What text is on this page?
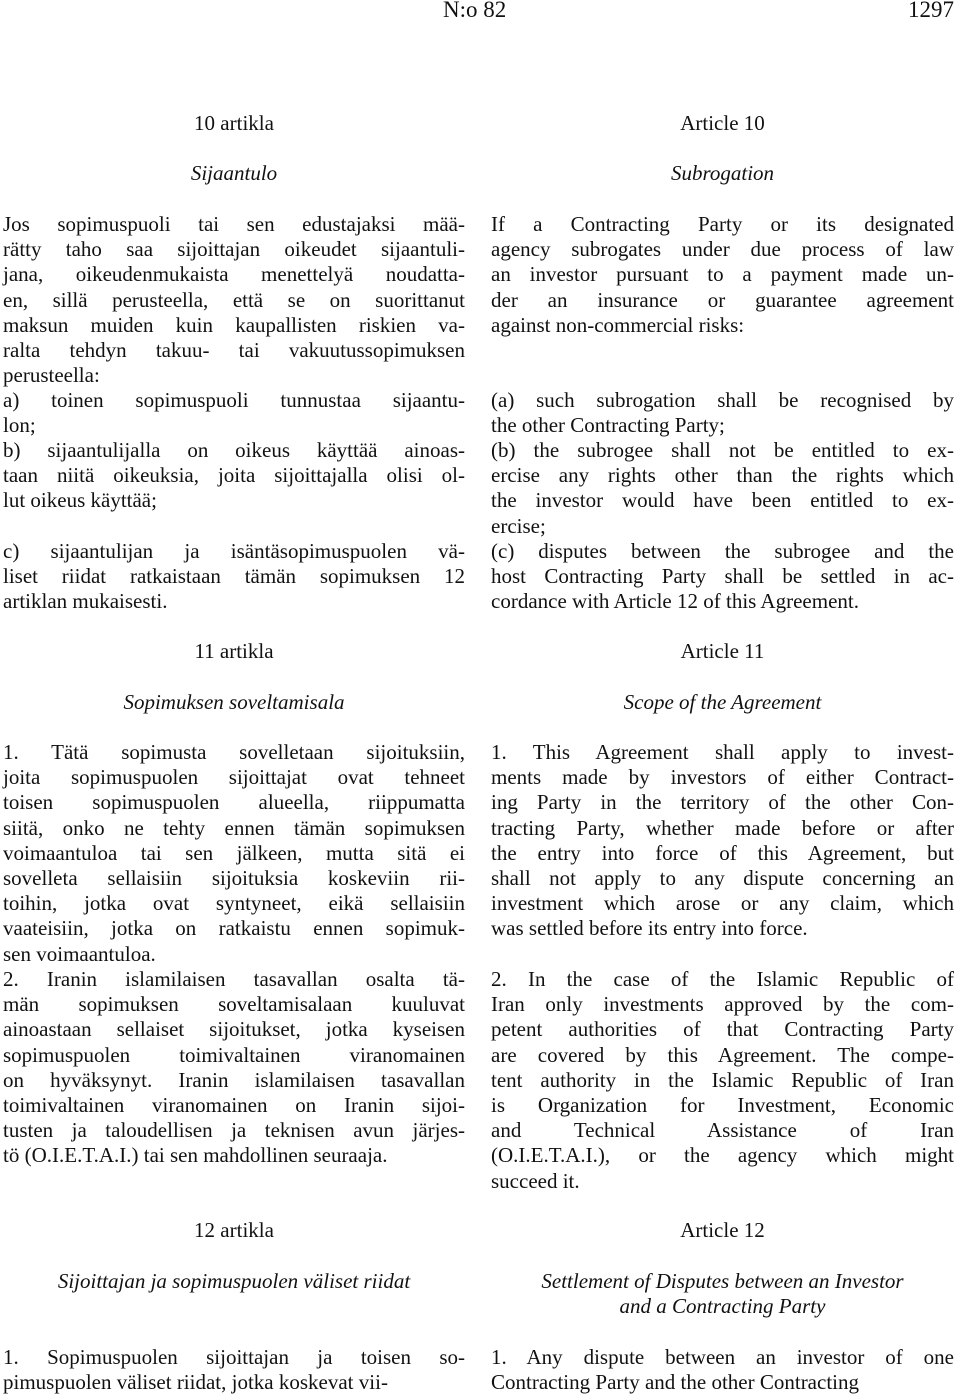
N:o 82	1297
10 artikla
Sijaantulo
Jos sopimuspuoli tai sen edustajaksi mää-
rätty taho saa sijoittajan oikeudet sijaantuli-
jana, oikeudenmukaista menettelyä noudatta-
en, sillä perusteella, että se on suorittanut
maksun muiden kuin kaupallisten riskien va-
ralta tehdyn takuu- tai vakuutussopimuksen
perusteella:
a) toinen sopimuspuoli tunnustaa sijaantu-
lon;
b) sijaantulijalla on oikeus käyttää ainoas-
taan niitä oikeuksia, joita sijoittajalla olisi ol-
lut oikeus käyttää;
c) sijaantulijan ja isäntäsopimuspuolen vä-
liset riidat ratkaistaan tämän sopimuksen 12
artiklan mukaisesti.
11 artikla
Sopimuksen soveltamisala
1. Tätä sopimusta sovelletaan sijoituksiin,
joita sopimuspuolen sijoittajat ovat tehneet
toisen sopimuspuolen alueella, riippumatta
siitä, onko ne tehty ennen tämän sopimuksen
voimaantuloa tai sen jälkeen, mutta sitä ei
sovelleta sellaisiin sijoituksia koskeviin rii-
toihin, jotka ovat syntyneet, eikä sellaisiin
vaateisiin, jotka on ratkaistu ennen sopimuk-
sen voimaantuloa.
2. Iranin islamilaisen tasavallan osalta tä-
män sopimuksen soveltamisalaan kuuluvat
ainoastaan sellaiset sijoitukset, jotka kyseisen
sopimuspuolen toimivaltainen viranomainen
on hyväksynyt. Iranin islamilaisen tasavallan
toimivaltainen viranomainen on Iranin sijoi-
tusten ja taloudellisen ja teknisen avun järjes-
tö (O.I.E.T.A.I.) tai sen mahdollinen seuraaja.
12 artikla
Sijoittajan ja sopimuspuolen väliset riidat
1. Sopimuspuolen sijoittajan ja toisen so-
pimuspuolen väliset riidat, jotka koskevat vii-
Article 10
Subrogation
If a Contracting Party or its designated
agency subrogates under due process of law
an investor pursuant to a payment made un-
der an insurance or guarantee agreement
against non-commercial risks:
(a) such subrogation shall be recognised by
the other Contracting Party;
(b) the subrogee shall not be entitled to ex-
ercise any rights other than the rights which
the investor would have been entitled to ex-
ercise;
(c) disputes between the subrogee and the
host Contracting Party shall be settled in ac-
cordance with Article 12 of this Agreement.
Article 11
Scope of the Agreement
1. This Agreement shall apply to invest-
ments made by investors of either Contract-
ing Party in the territory of the other Con-
tracting Party, whether made before or after
the entry into force of this Agreement, but
shall not apply to any dispute concerning an
investment which arose or any claim, which
was settled before its entry into force.
2. In the case of the Islamic Republic of
Iran only investments approved by the com-
petent authorities of that Contracting Party
are covered by this Agreement. The compe-
tent authority in the Islamic Republic of Iran
is Organization for Investment, Economic
and Technical Assistance of Iran
(O.I.E.T.A.I.), or the agency which might
succeed it.
Article 12
Settlement of Disputes between an Investor
and a Contracting Party
1. Any dispute between an investor of one
Contracting Party and the other Contracting
